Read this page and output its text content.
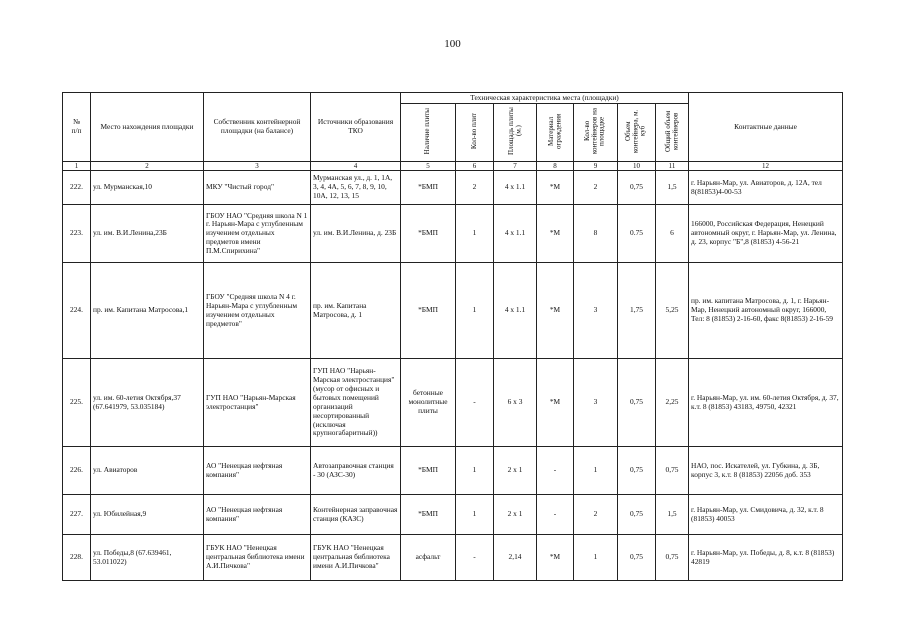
100
№
п/п	Место нахождения площадки	Собственник контейнерной площадки (на балансе)	Источники образования ТКО	Техническая характеристика места (площадки)							Контактные данные
				Наличие плиты	Кол-во плит	Площадь плиты (м.)	Материал ограждения	Кол-во контейнеров на площадке	Объем контейнера, м. куб	Общий объем контейнеров	
1	2	3	4	5	6	7	8	9	10	11	12
222.	ул. Мурманская,10	МКУ "Чистый город"	Мурманская ул., д. 1, 1А, 3, 4, 4А, 5, 6, 7, 8, 9, 10, 10А, 12, 13, 15	*БМП	2	4 х 1.1	*М	2	0,75	1,5	г. Нарьян-Мар, ул. Авиаторов, д. 12А, тел 8(81853)4-00-53
223.	ул. им. В.И.Ленина,23Б	ГБОУ НАО "Средняя школа N 1 г. Нарьян-Мара с углубленным изучением отдельных предметов имени П.М.Спирихина"	ул. им. В.И.Ленина, д. 23Б	*БМП	1	4 х 1.1	*М	8	0.75	6	166000, Российская Федерация, Ненецкий автономный округ, г. Нарьян-Мар, ул. Ленина, д. 23, корпус "Б",8 (81853) 4-56-21
224.	пр. им. Капитана Матросова,1	ГБОУ "Средняя школа N 4 г. Нарьян-Мара с углубленным изучением отдельных предметов"	пр. им. Капитана Матросова, д. 1	*БМП	1	4 х 1.1	*М	3	1,75	5,25	пр. им. капитана Матросова, д. 1, г. Нарьян-Мар, Ненецкий автономный округ, 166000, Тел: 8 (81853) 2-16-60, факс 8(81853) 2-16-59
225.	ул. им. 60-летия Октября,37 (67.641979, 53.035184)	ГУП НАО "Нарьян-Марская электростанция"	ГУП НАО "Нарьян-Марская электростанция" (мусор от офисных и бытовых помещений организаций несортированный (исключая крупногабаритный))	бетонные монолитные плиты	-	6 х 3	*М	3	0,75	2,25	г. Нарьян-Мар, ул. им. 60-летия Октября, д. 37, к.т. 8 (81853) 43183, 49750, 42321
226.	ул. Авиаторов	АО "Ненецкая нефтяная компания"	Автозаправочная станция - 30 (АЗС-30)	*БМП	1	2 х 1	-	1	0,75	0,75	НАО, пос. Искателей, ул. Губкина, д. 3Б, корпус 3, к.т. 8 (81853) 22056 доб. 353
227.	ул. Юбилейная,9	АО "Ненецкая нефтяная компания"	Контейнерная заправочная станция (КАЗС)	*БМП	1	2 х 1	-	2	0,75	1,5	г. Нарьян-Мар, ул. Смидовича, д. 32, к.т. 8 (81853) 40053
228.	ул. Победы,8 (67.639461, 53.011022)	ГБУК НАО "Ненецкая центральная библиотека имени А.И.Пичкова"	ГБУК НАО "Ненецкая центральная библиотека имени А.И.Пичкова"	асфальт	-	2,14	*М	1	0,75	0,75	г. Нарьян-Мар, ул. Победы, д. 8, к.т. 8 (81853) 42819
